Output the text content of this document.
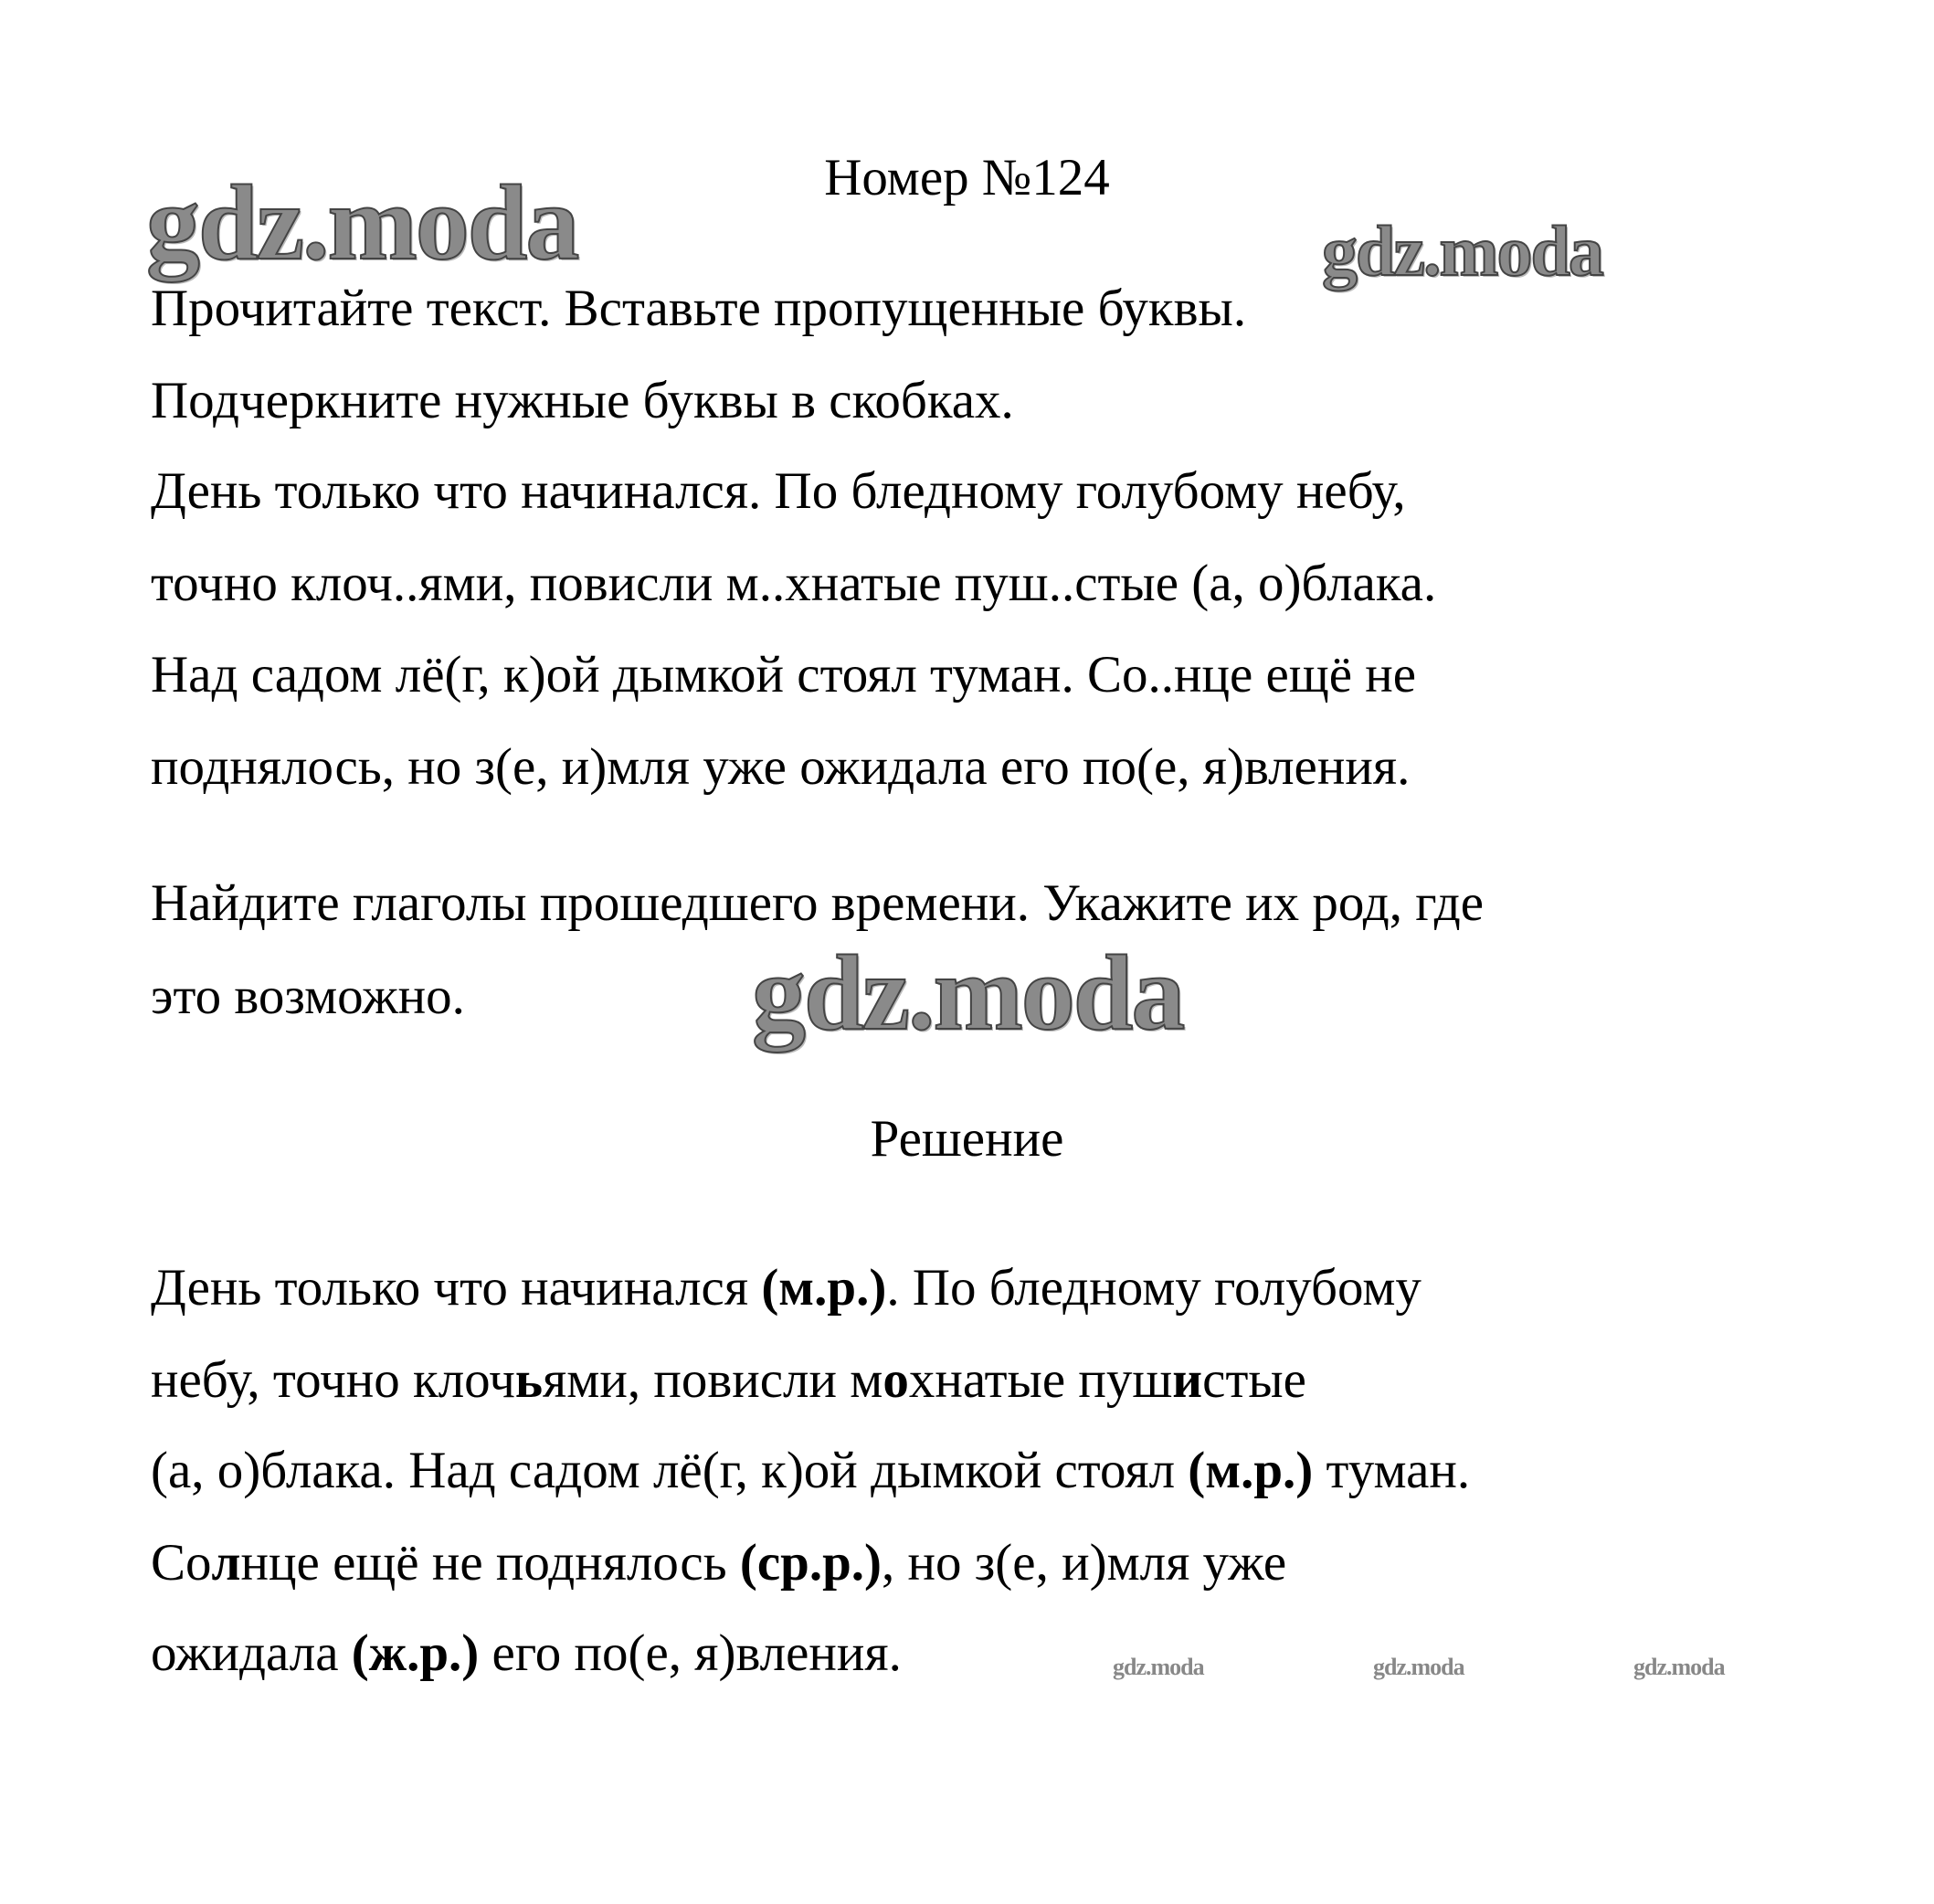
Номер №124
gdz.moda	gdz.moda
Прочитайте текст. Вставьте пропущенные буквы.
Подчеркните нужные буквы в скобках.
День только что начинался. По бледному голубому небу,
точно клоч..ями, повисли м..хнатые пуш..стые (а, о)блака.
Над садом лё(г, к)ой дымкой стоял туман. Со..нце ещё не
поднялось, но з(е, и)мля уже ожидала его по(е, я)вления.
Найдите глаголы прошедшего времени. Укажите их род, где
это возможно.	gdz.moda
Решение
День только что начинался (м.р.). По бледному голубому
небу, точно клочьями, повисли мохнатые пушистые
(а, о)блака. Над садом лё(г, к)ой дымкой стоял (м.р.) туман.
Солнце ещё не поднялось (ср.р.), но з(е, и)мля уже
ожидала (ж.р.) его по(е, я)вления.	gdz.moda	gdz.moda	gdz.moda
